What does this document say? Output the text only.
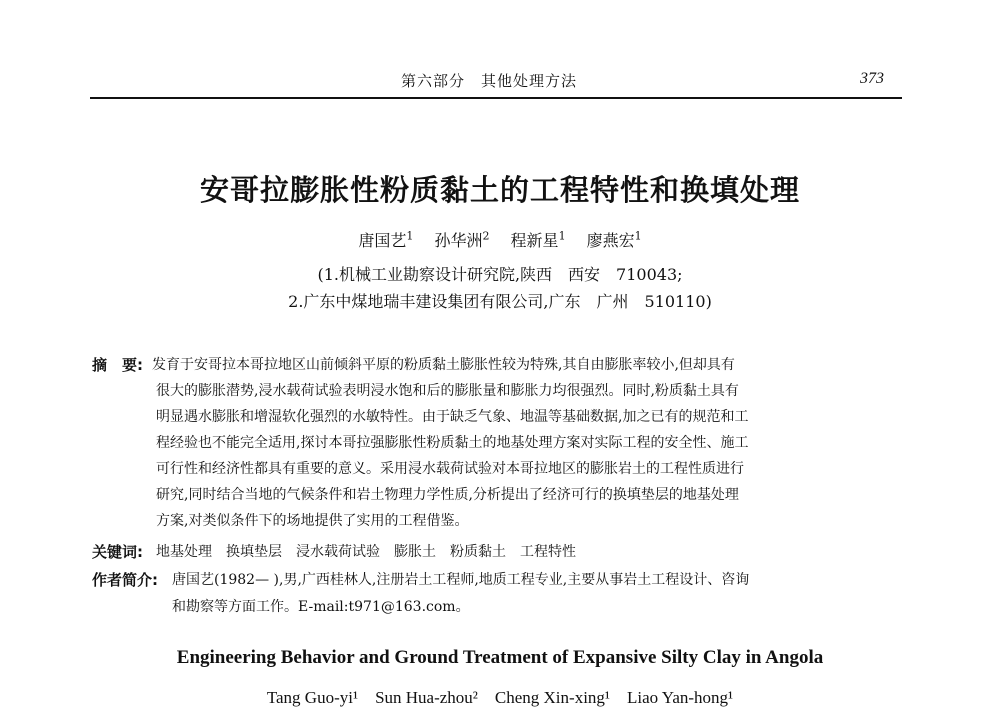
第六部分　其他处理方法	373
安哥拉膨胀性粉质黏土的工程特性和换填处理
唐国艺$^1$ 孙华洲$^2$ 程新星$^1$ 廖燕宏$^1$
(1.机械工业勘察设计研究院,陕西　西安　710043;
2.广东中煤地瑞丰建设集团有限公司,广东　广州　510110)
摘　要: 发育于安哥拉本哥拉地区山前倾斜平原的粉质黏土膨胀性较为特殊,其自由膨胀率较小,但却具有
很大的膨胀潜势,浸水载荷试验表明浸水饱和后的膨胀量和膨胀力均很强烈。同时,粉质黏土具有
明显遇水膨胀和增湿软化强烈的水敏特性。由于缺乏气象、地温等基础数据,加之已有的规范和工
程经验也不能完全适用,探讨本哥拉强膨胀性粉质黏土的地基处理方案对实际工程的安全性、施工
可行性和经济性都具有重要的意义。采用浸水载荷试验对本哥拉地区的膨胀岩土的工程性质进行
研究,同时结合当地的气候条件和岩土物理力学性质,分析提出了经济可行的换填垫层的地基处理
方案,对类似条件下的场地提供了实用的工程借鉴。
关键词: 地基处理　换填垫层　浸水载荷试验　膨胀土　粉质黏土　工程特性
作者简介: 唐国艺(1982— ),男,广西桂林人,注册岩土工程师,地质工程专业,主要从事岩土工程设计、咨询
和勘察等方面工作。E-mail:t971@163.com。
Engineering Behavior and Ground Treatment of Expansive Silty Clay in Angola
Tang Guo-yi¹　Sun Hua-zhou²　Cheng Xin-xing¹　Liao Yan-hong¹
